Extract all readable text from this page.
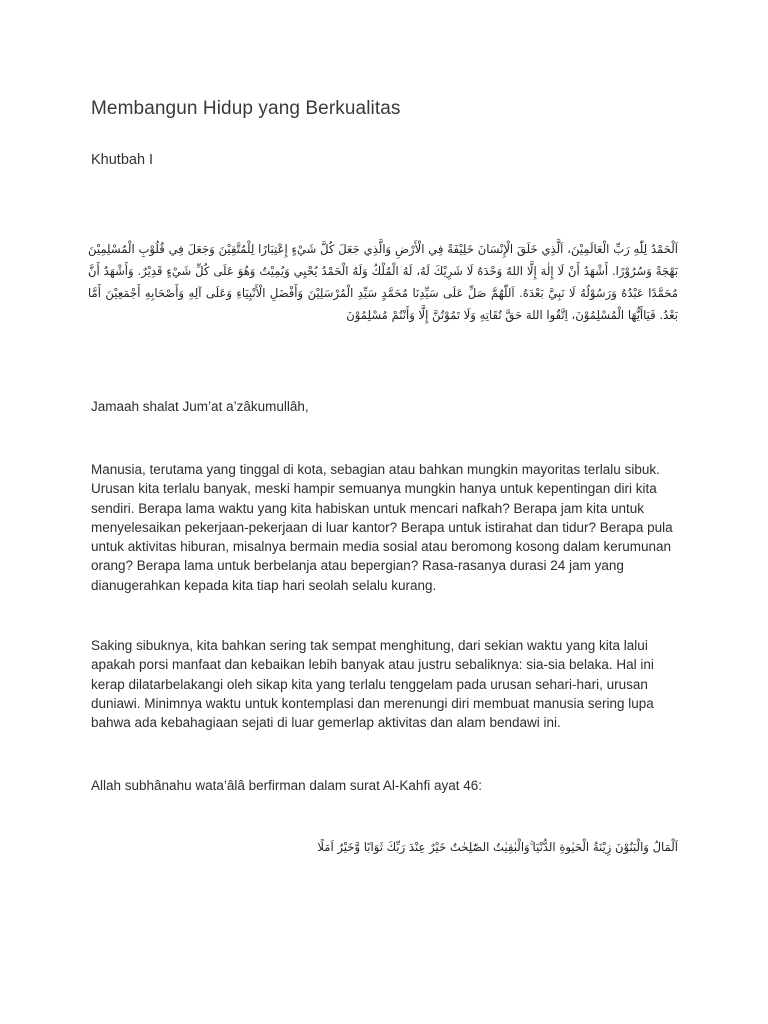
Membangun Hidup yang Berkualitas
Khutbah I
اَلْحَمْدُ لِلّٰهِ رَبِّ الْعَالَمِيْنَ، اَلَّذِي خَلَقَ الْإِنْسَانَ خَلِيْفَةً فِي الْأَرْضِ وَالَّذِي جَعَلَ كُلَّ شَيْءٍ إِعْتِبَارًا لِلْمُتَّقِيْنَ وَجَعَلَ فِي قُلُوْبِ الْمُسْلِمِيْنَ بَهْجَةً وَسُرُوْرًا. أَشْهَدُ أَنْ لَا إِلٰهَ إِلَّا اللهُ وَحْدَهُ لَا شَرِيْكَ لَهُ، لَهُ الْمُلْكُ وَلَهُ الْحَمْدُ يُحْيِي وَيُمِيْتُ وَهُوَ عَلَى كُلِّ شَيْءٍ قَدِيْرٌ. وَأَشْهَدُ أَنَّ مُحَمَّدًا عَبْدُهُ وَرَسُوْلُهُ لَا نَبِيَّ بَعْدَهُ. اَللّٰهُمَّ صَلِّ عَلَى سَيِّدِنَا مُحَمَّدٍ سَيِّدِ الْمُرْسَلِيْنَ وَأَفْضَلِ الْأَنْبِيَاءِ وَعَلَى آلِهِ وَأَصْحَابِهِ أَجْمَعِيْنَ أَمَّا بَعْدُ. فَيَاأَيُّهَا الْمُسْلِمُوْنَ، اِتَّقُوا اللهَ حَقَّ تُقَاتِهِ وَلَا تَمُوْتُنَّ إِلَّا وَأَنْتُمْ مُسْلِمُوْنَ
Jamaah shalat Jum’at a’zâkumullâh,
Manusia, terutama yang tinggal di kota, sebagian atau bahkan mungkin mayoritas terlalu sibuk. Urusan kita terlalu banyak, meski hampir semuanya mungkin hanya untuk kepentingan diri kita sendiri. Berapa lama waktu yang kita habiskan untuk mencari nafkah? Berapa jam kita untuk menyelesaikan pekerjaan-pekerjaan di luar kantor? Berapa untuk istirahat dan tidur? Berapa pula untuk aktivitas hiburan, misalnya bermain media sosial atau beromong kosong dalam kerumunan orang? Berapa lama untuk berbelanja atau bepergian? Rasa-rasanya durasi 24 jam yang dianugerahkan kepada kita tiap hari seolah selalu kurang.
Saking sibuknya, kita bahkan sering tak sempat menghitung, dari sekian waktu yang kita lalui apakah porsi manfaat dan kebaikan lebih banyak atau justru sebaliknya: sia-sia belaka. Hal ini kerap dilatarbelakangi oleh sikap kita yang terlalu tenggelam pada urusan sehari-hari, urusan duniawi. Minimnya waktu untuk kontemplasi dan merenungi diri membuat manusia sering lupa bahwa ada kebahagiaan sejati di luar gemerlap aktivitas dan alam bendawi ini.
Allah subhânahu wata’âlâ berfirman dalam surat Al-Kahfi ayat 46:
اَلْمَالُ وَالْبَنُوْنَ زِيْنَةُ الْحَيٰوةِ الدُّنْيَا ۚوَالْبٰقِيٰتُ الصّٰلِحٰتُ خَيْرٌ عِنْدَ رَبِّكَ ثَوَابًا وَّخَيْرٌ اَمَلًا
